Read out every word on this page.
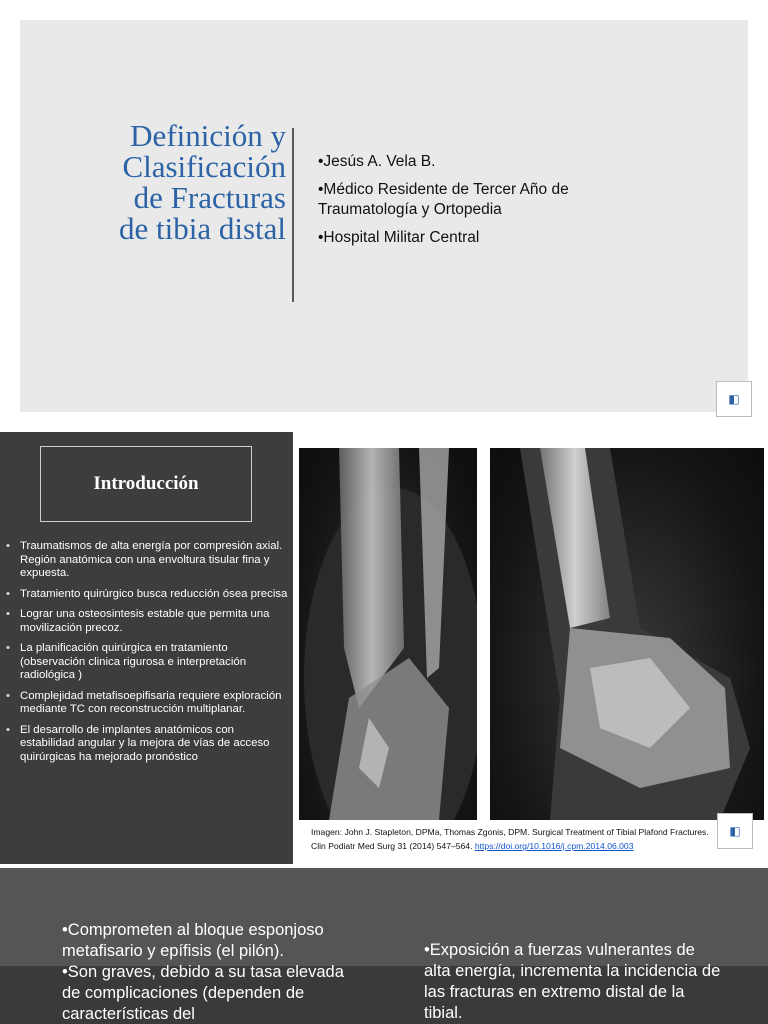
Definición y
Clasificación
de Fracturas
de tibia distal
•Jesús A. Vela B.
•Médico Residente de Tercer Año de Traumatología y Ortopedia
•Hospital Militar Central
◧
Introducción
• Traumatismos de alta energía por compresión axial. Región anatómica con una envoltura tisular fina y expuesta.
• Tratamiento quirúrgico busca reducción ósea precisa
• Lograr una osteosintesis estable que permita una movilización precoz.
• La planificación quirúrgica en tratamiento (observación clinica rigurosa e interpretación radiológica )
• Complejidad metafisoepifisaria requiere exploración mediante TC con reconstrucción multiplanar.
• El desarrollo de implantes anatómicos con estabilidad angular y la mejora de vías de acceso quirúrgicas ha mejorado pronóstico
Imagen: John J. Stapleton, DPMa, Thomas Zgonis, DPM. Surgical Treatment of Tibial Plafond Fractures. Clin Podiatr Med Surg 31 (2014) 547–564. https://doi.org/10.1016/j.cpm.2014.06.003
◧

•Comprometen al bloque esponjoso metafisario y epífisis (el pilón).

•Son graves, debido a su tasa elevada de complicaciones (dependen de características del

•Exposición a fuerzas vulnerantes de alta energía, incrementa la incidencia de las fracturas en extremo distal de la tibial.
